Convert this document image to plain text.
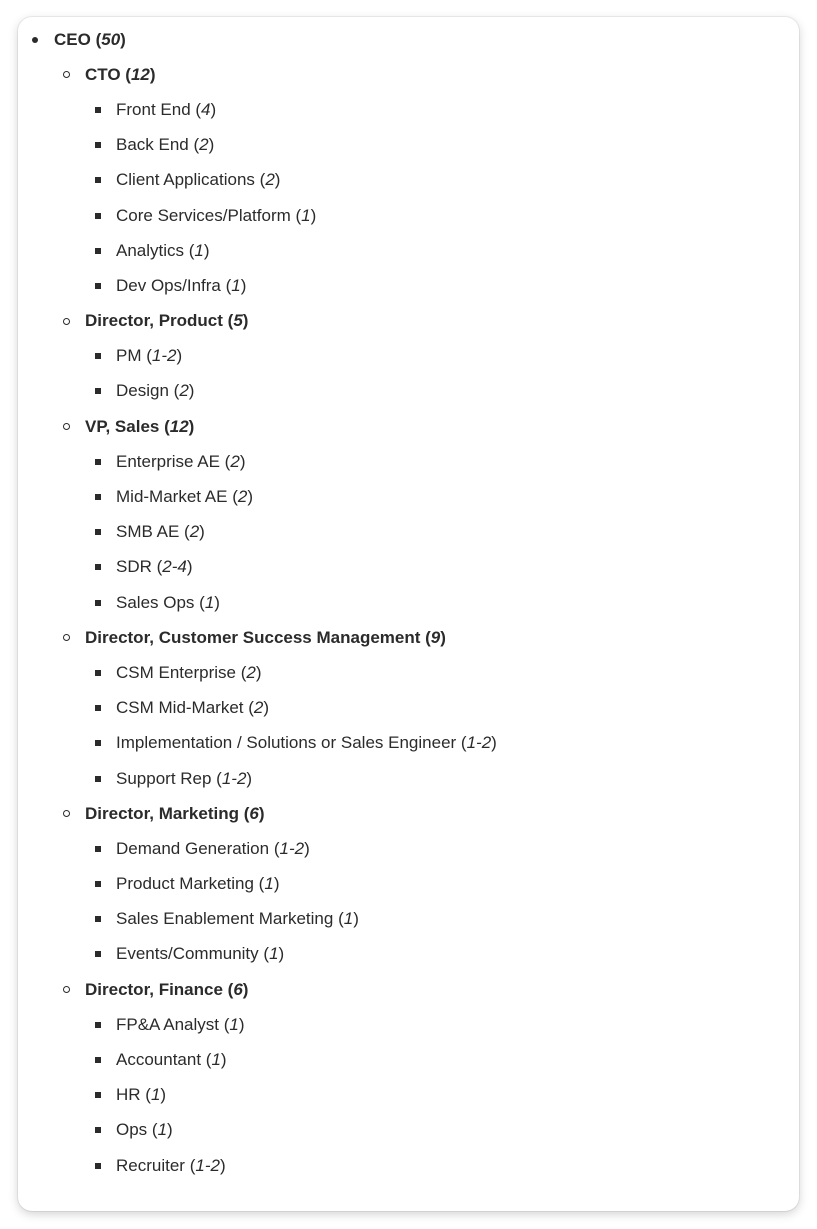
CEO (50)
CTO (12)
Front End (4)
Back End (2)
Client Applications (2)
Core Services/Platform (1)
Analytics (1)
Dev Ops/Infra (1)
Director, Product (5)
PM (1-2)
Design (2)
VP, Sales (12)
Enterprise AE (2)
Mid-Market AE (2)
SMB AE (2)
SDR (2-4)
Sales Ops (1)
Director, Customer Success Management (9)
CSM Enterprise (2)
CSM Mid-Market (2)
Implementation / Solutions or Sales Engineer (1-2)
Support Rep (1-2)
Director, Marketing (6)
Demand Generation (1-2)
Product Marketing (1)
Sales Enablement Marketing (1)
Events/Community (1)
Director, Finance (6)
FP&A Analyst (1)
Accountant (1)
HR (1)
Ops (1)
Recruiter (1-2)
